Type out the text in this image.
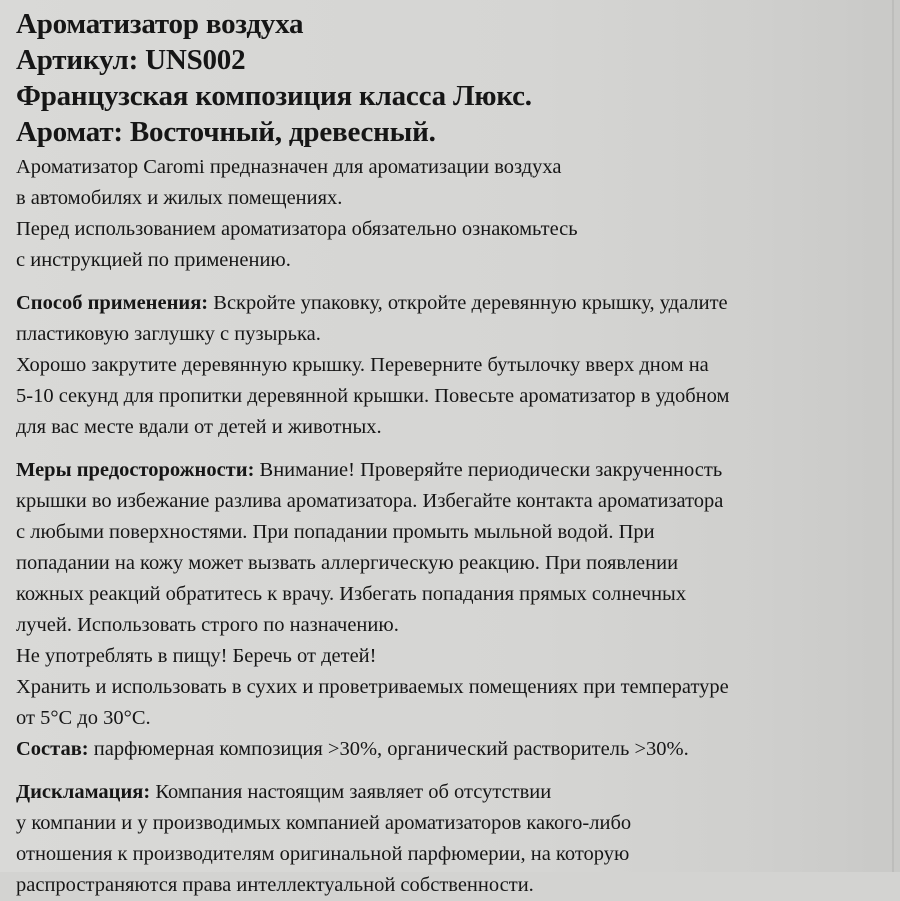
Ароматизатор воздуха

Артикул: UNS002

Французская композиция класса Люкс.

Аромат: Восточный, древесный.

Ароматизатор Caromi предназначен для ароматизации воздуха

в автомобилях и жилых помещениях.

Перед использованием ароматизатора обязательно ознакомьтесь

с инструкцией по применению.

Способ применения: Вскройте упаковку, откройте деревянную крышку, удалите

пластиковую заглушку с пузырька.

Хорошо закрутите деревянную крышку. Переверните бутылочку вверх дном на

5-10 секунд для пропитки деревянной крышки. Повесьте ароматизатор в удобном

для вас месте вдали от детей и животных.

Меры предосторожности: Внимание! Проверяйте периодически закрученность

крышки во избежание разлива ароматизатора. Избегайте контакта ароматизатора

с любыми поверхностями. При попадании промыть мыльной водой. При

попадании на кожу может вызвать аллергическую реакцию. При появлении

кожных реакций обратитесь к врачу. Избегать попадания прямых солнечных

лучей. Использовать строго по назначению.

Не употреблять в пищу! Беречь от детей!

Хранить и использовать в сухих и проветриваемых помещениях при температуре

от 5°С до 30°С.

Состав: парфюмерная композиция >30%, органический растворитель >30%.

Дискламация: Компания настоящим заявляет об отсутствии

у компании и у производимых компанией ароматизаторов какого-либо

отношения к производителям оригинальной парфюмерии, на которую

распространяются права интеллектуальной собственности.
